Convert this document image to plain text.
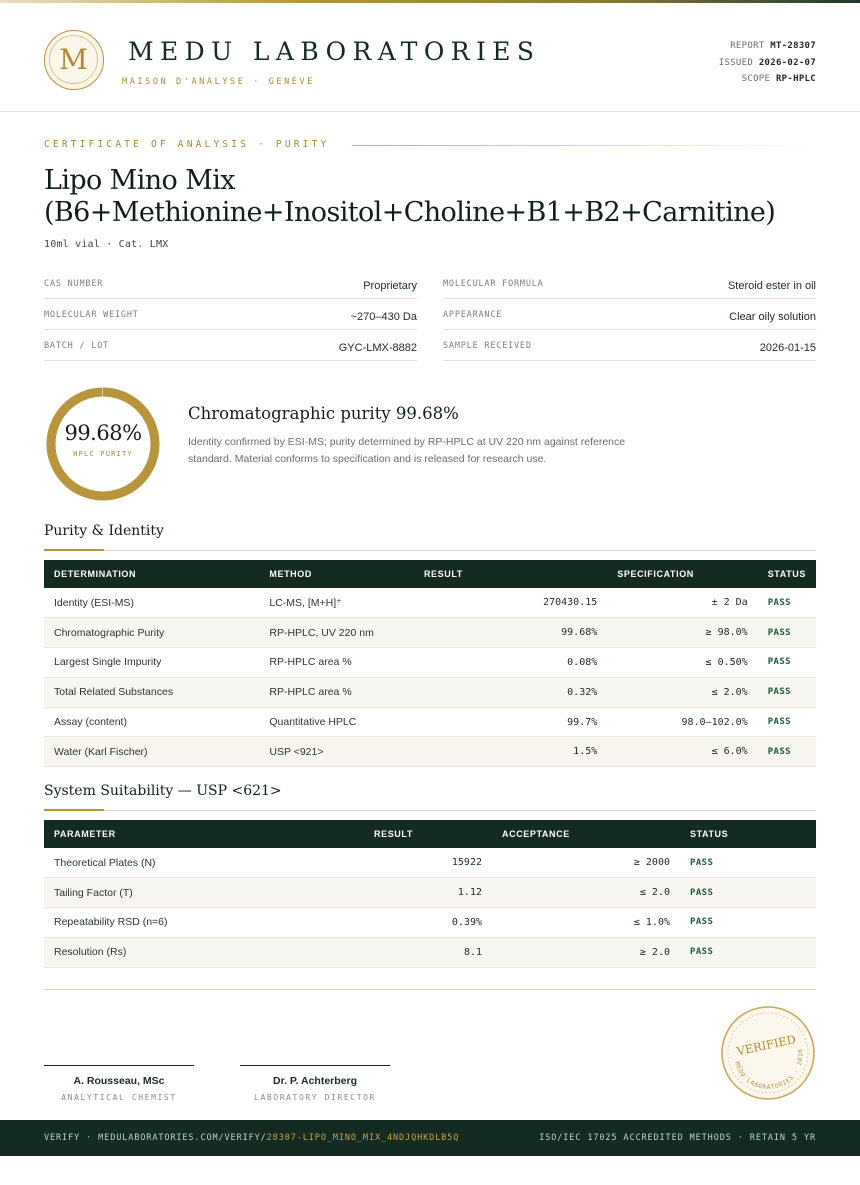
M	MEDU LABORATORIES
MAISON D'ANALYSE · GENÈVE
REPORT MT-28307
ISSUED 2026-02-07
SCOPE RP-HPLC
CERTIFICATE OF ANALYSIS · PURITY
Lipo Mino Mix
(B6+Methionine+Inositol+Choline+B1+B2+Carnitine)
10ml vial · Cat. LMX
99.68%
HPLC PURITY
Chromatographic purity 99.68%
Identity confirmed by ESI-MS; purity determined by RP-HPLC at UV 220 nm against reference standard. Material conforms to specification and is released for research use.
Purity & Identity
DETERMINATION	METHOD	RESULT	SPECIFICATION	STATUS
Identity (ESI-MS)	LC-MS, [M+H]⁺	270430.15	± 2 Da	PASS
Chromatographic Purity	RP-HPLC, UV 220 nm	99.68%	≥ 98.0%	PASS
Largest Single Impurity	RP-HPLC area %	0.08%	≤ 0.50%	PASS
Total Related Substances	RP-HPLC area %	0.32%	≤ 2.0%	PASS
Assay (content)	Quantitative HPLC	99.7%	98.0–102.0%	PASS
Water (Karl Fischer)	USP <921>	1.5%	≤ 6.0%	PASS
System Suitability — USP <621>
PARAMETER	RESULT	ACCEPTANCE	STATUS
Theoretical Plates (N)	15922	≥ 2000	PASS
Tailing Factor (T)	1.12	≤ 2.0	PASS
Repeatability RSD (n=6)	0.39%	≤ 1.0%	PASS
Resolution (Rs)	8.1	≥ 2.0	PASS
A. Rousseau, MSc
ANALYTICAL CHEMIST
Dr. P. Achterberg
LABORATORY DIRECTOR
VERIFIED
MEDU LABORATORIES · 2026
VERIFY · MEDULABORATORIES.COM/VERIFY/28307-LIPO_MINO_MIX_4NDJQHKDLB5Q	ISO/IEC 17025 ACCREDITED METHODS · RETAIN 5 YR
CAS NUMBER	Proprietary	MOLECULAR FORMULA	Steroid ester in oil
MOLECULAR WEIGHT	~270–430 Da	APPEARANCE	Clear oily solution
BATCH / LOT	GYC-LMX-8882	SAMPLE RECEIVED	2026-01-15
